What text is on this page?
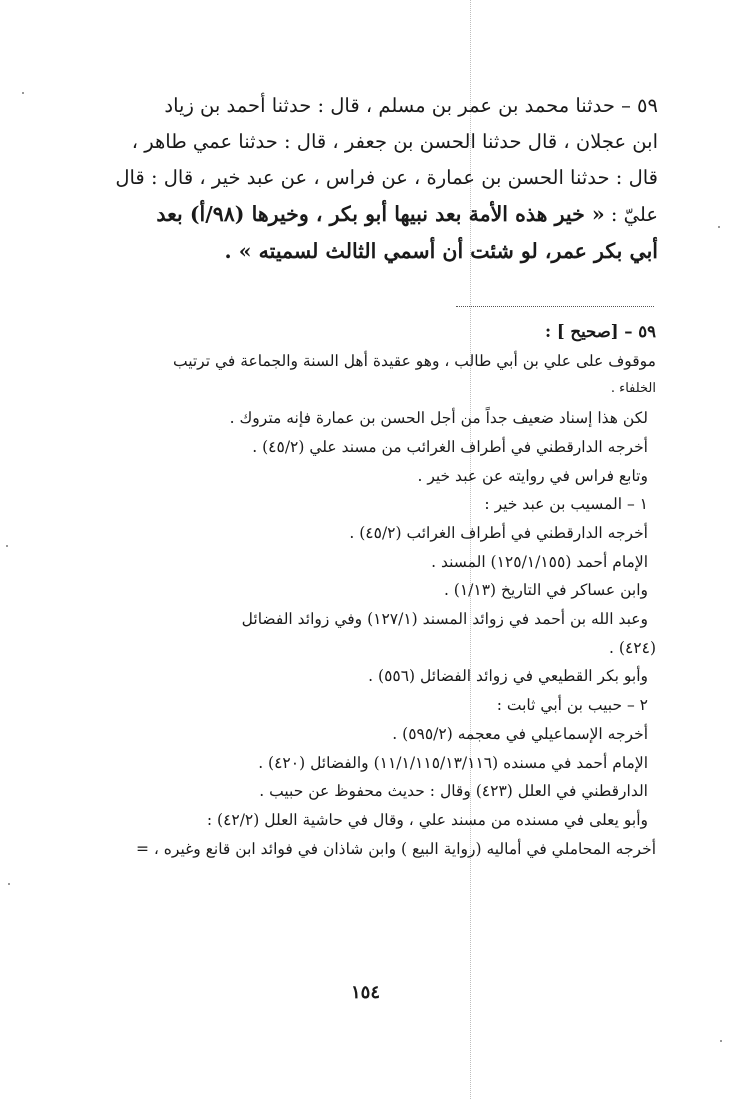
٥٩ – حدثنا محمد بن عمر بن مسلم ، قال : حدثنا أحمد بن زياد
ابن عجلان ، قال حدثنا الحسن بن جعفر ، قال : حدثنا عمي طاهر ،
قال : حدثنا الحسن بن عمارة ، عن فراس ، عن عبد خير ، قال : قال
عليّ : « خير هذه الأمة بعد نبيها أبو بكر ، وخيرها (٩٨/أ) بعد
أبي بكر عمر، لو شئت أن أسمي الثالث لسميته » .
٥٩ – [صحيح ] :
موقوف على علي بن أبي طالب ، وهو عقيدة أهل السنة والجماعة في ترتيب
الخلفاء .
لكن هذا إسناد ضعيف جداً من أجل الحسن بن عمارة فإنه متروك .
أخرجه الدارقطني في أطراف الغرائب من مسند علي (٤٥/٢) .
وتابع فراس في روايته عن عبد خير .
١ – المسيب بن عبد خير :
أخرجه الدارقطني في أطراف الغرائب (٤٥/٢) .
الإمام أحمد (١٢٥/١/١٥٥) المسند .
وابن عساكر في التاريخ (١/١٣) .
وعبد الله بن أحمد في زوائد المسند (١٢٧/١) وفي زوائد الفضائل
(٤٢٤) .
وأبو بكر القطيعي في زوائد الفضائل (٥٥٦) .
٢ – حبيب بن أبي ثابت :
أخرجه الإسماعيلي في معجمه (٥٩٥/٢) .
الإمام أحمد في مسنده (١١/١/١١٥/١٣/١١٦) والفضائل (٤٢٠) .
الدارقطني في العلل (٤٢٣) وقال : حديث محفوظ عن حبيب .
وأبو يعلى في مسنده من مسند علي ، وقال في حاشية العلل (٤٢/٢) :
أخرجه المحاملي في أماليه (رواية البيع ) وابن شاذان في فوائد ابن قانع وغيره ، =
١٥٤
